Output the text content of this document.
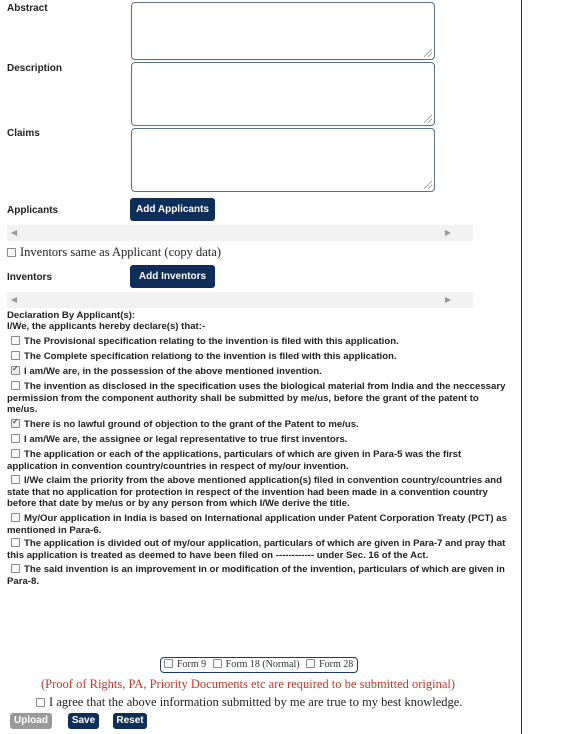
Abstract
Description
Claims
Applicants	Add Applicants
◀	▶
Inventors same as Applicant (copy data)
Inventors	Add Inventors
◀	▶
Declaration By Applicant(s):
I/We, the applicants hereby declare(s) that:-
The Provisional specification relating to the invention is filed with this application.
The Complete specification relationg to the invention is filed with this application.
✓I am/We are, in the possession of the above mentioned invention.
The invention as disclosed in the specification uses the biological material from India and the neccessary permission from the component authority shall be submitted by me/us, before the grant of the patent to me/us.
✓There is no lawful ground of objection to the grant of the Patent to me/us.
I am/We are, the assignee or legal representative to true first inventors.
The application or each of the applications, particulars of which are given in Para-5 was the first application in convention country/countries in respect of my/our invention.
I/We claim the priority from the above mentioned application(s) filed in convention country/countries and state that no application for protection in respect of the invention had been made in a convention country before that date by me/us or by any person from which I/We derive the title.
My/Our application in India is based on International application under Patent Corporation Treaty (PCT) as mentioned in Para-6.
The application is divided out of my/our application, particulars of which are given in Para-7 and pray that this application is treated as deemed to have been filed on ------------ under Sec. 16 of the Act.
The said invention is an improvement in or modification of the invention, particulars of which are given in Para-8.
Form 9 Form 18 (Normal) Form 28
(Proof of Rights, PA, Priority Documents etc are required to be submitted original)
I agree that the above information submitted by me are true to my best knowledge.
Upload	Save	Reset
